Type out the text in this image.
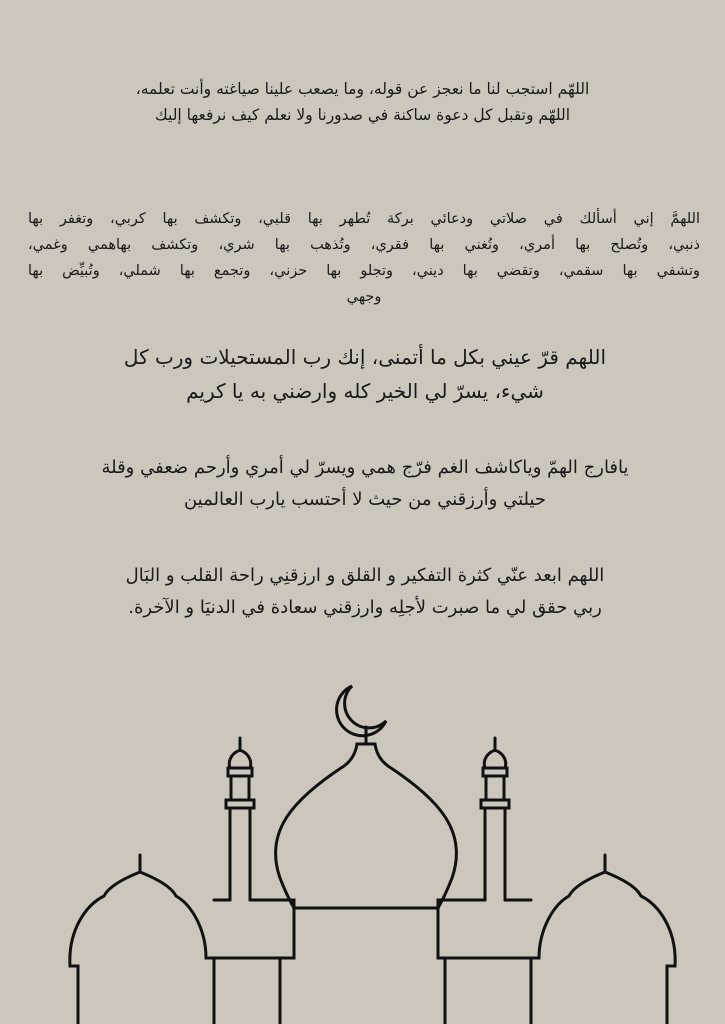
اللهّم استجب لنا ما نعجز عن قوله، وما يصعب علينا صياغته وأنت تعلمه،
اللهّم وتقبل كل دعوة ساكنة في صدورنا ولا نعلم كيف نرفعها إليك
اللهمَّ إني أسألك في صلاتي ودعائي بركة تُطهر بها قلبي، وتكشف بها كربي، وتغفر بها
ذنبي، وتُصلح بها أمري، وتُغني بها فقري، وتُذهب بها شري، وتكشف بهاهمي وغمي،
وتشفي بها سقمي، وتقضي بها ديني، وتجلو بها حزني، وتجمع بها شملي، وتُبيِّض بها
وجهي
اللهم قرّ عيني بكل ما أتمنى، إنك رب المستحيلات ورب كل
شيء، يسرّ لي الخير كله وارضني به يا كريم
يافارج الهمّ وياكاشف الغم فرّج همي ويسرّ لي أمري وأرحم ضعفي وقلة
حيلتي وأرزقني من حيث لا أحتسب يارب العالمين
اللهم ابعد عنّي كثرة التفكير و القلق و ارزقنِي راحة القلب و البَال
ربي حقق لي ما صبرت لأجلِه وارزقني سعادة في الدنيَا و الآخرة.
